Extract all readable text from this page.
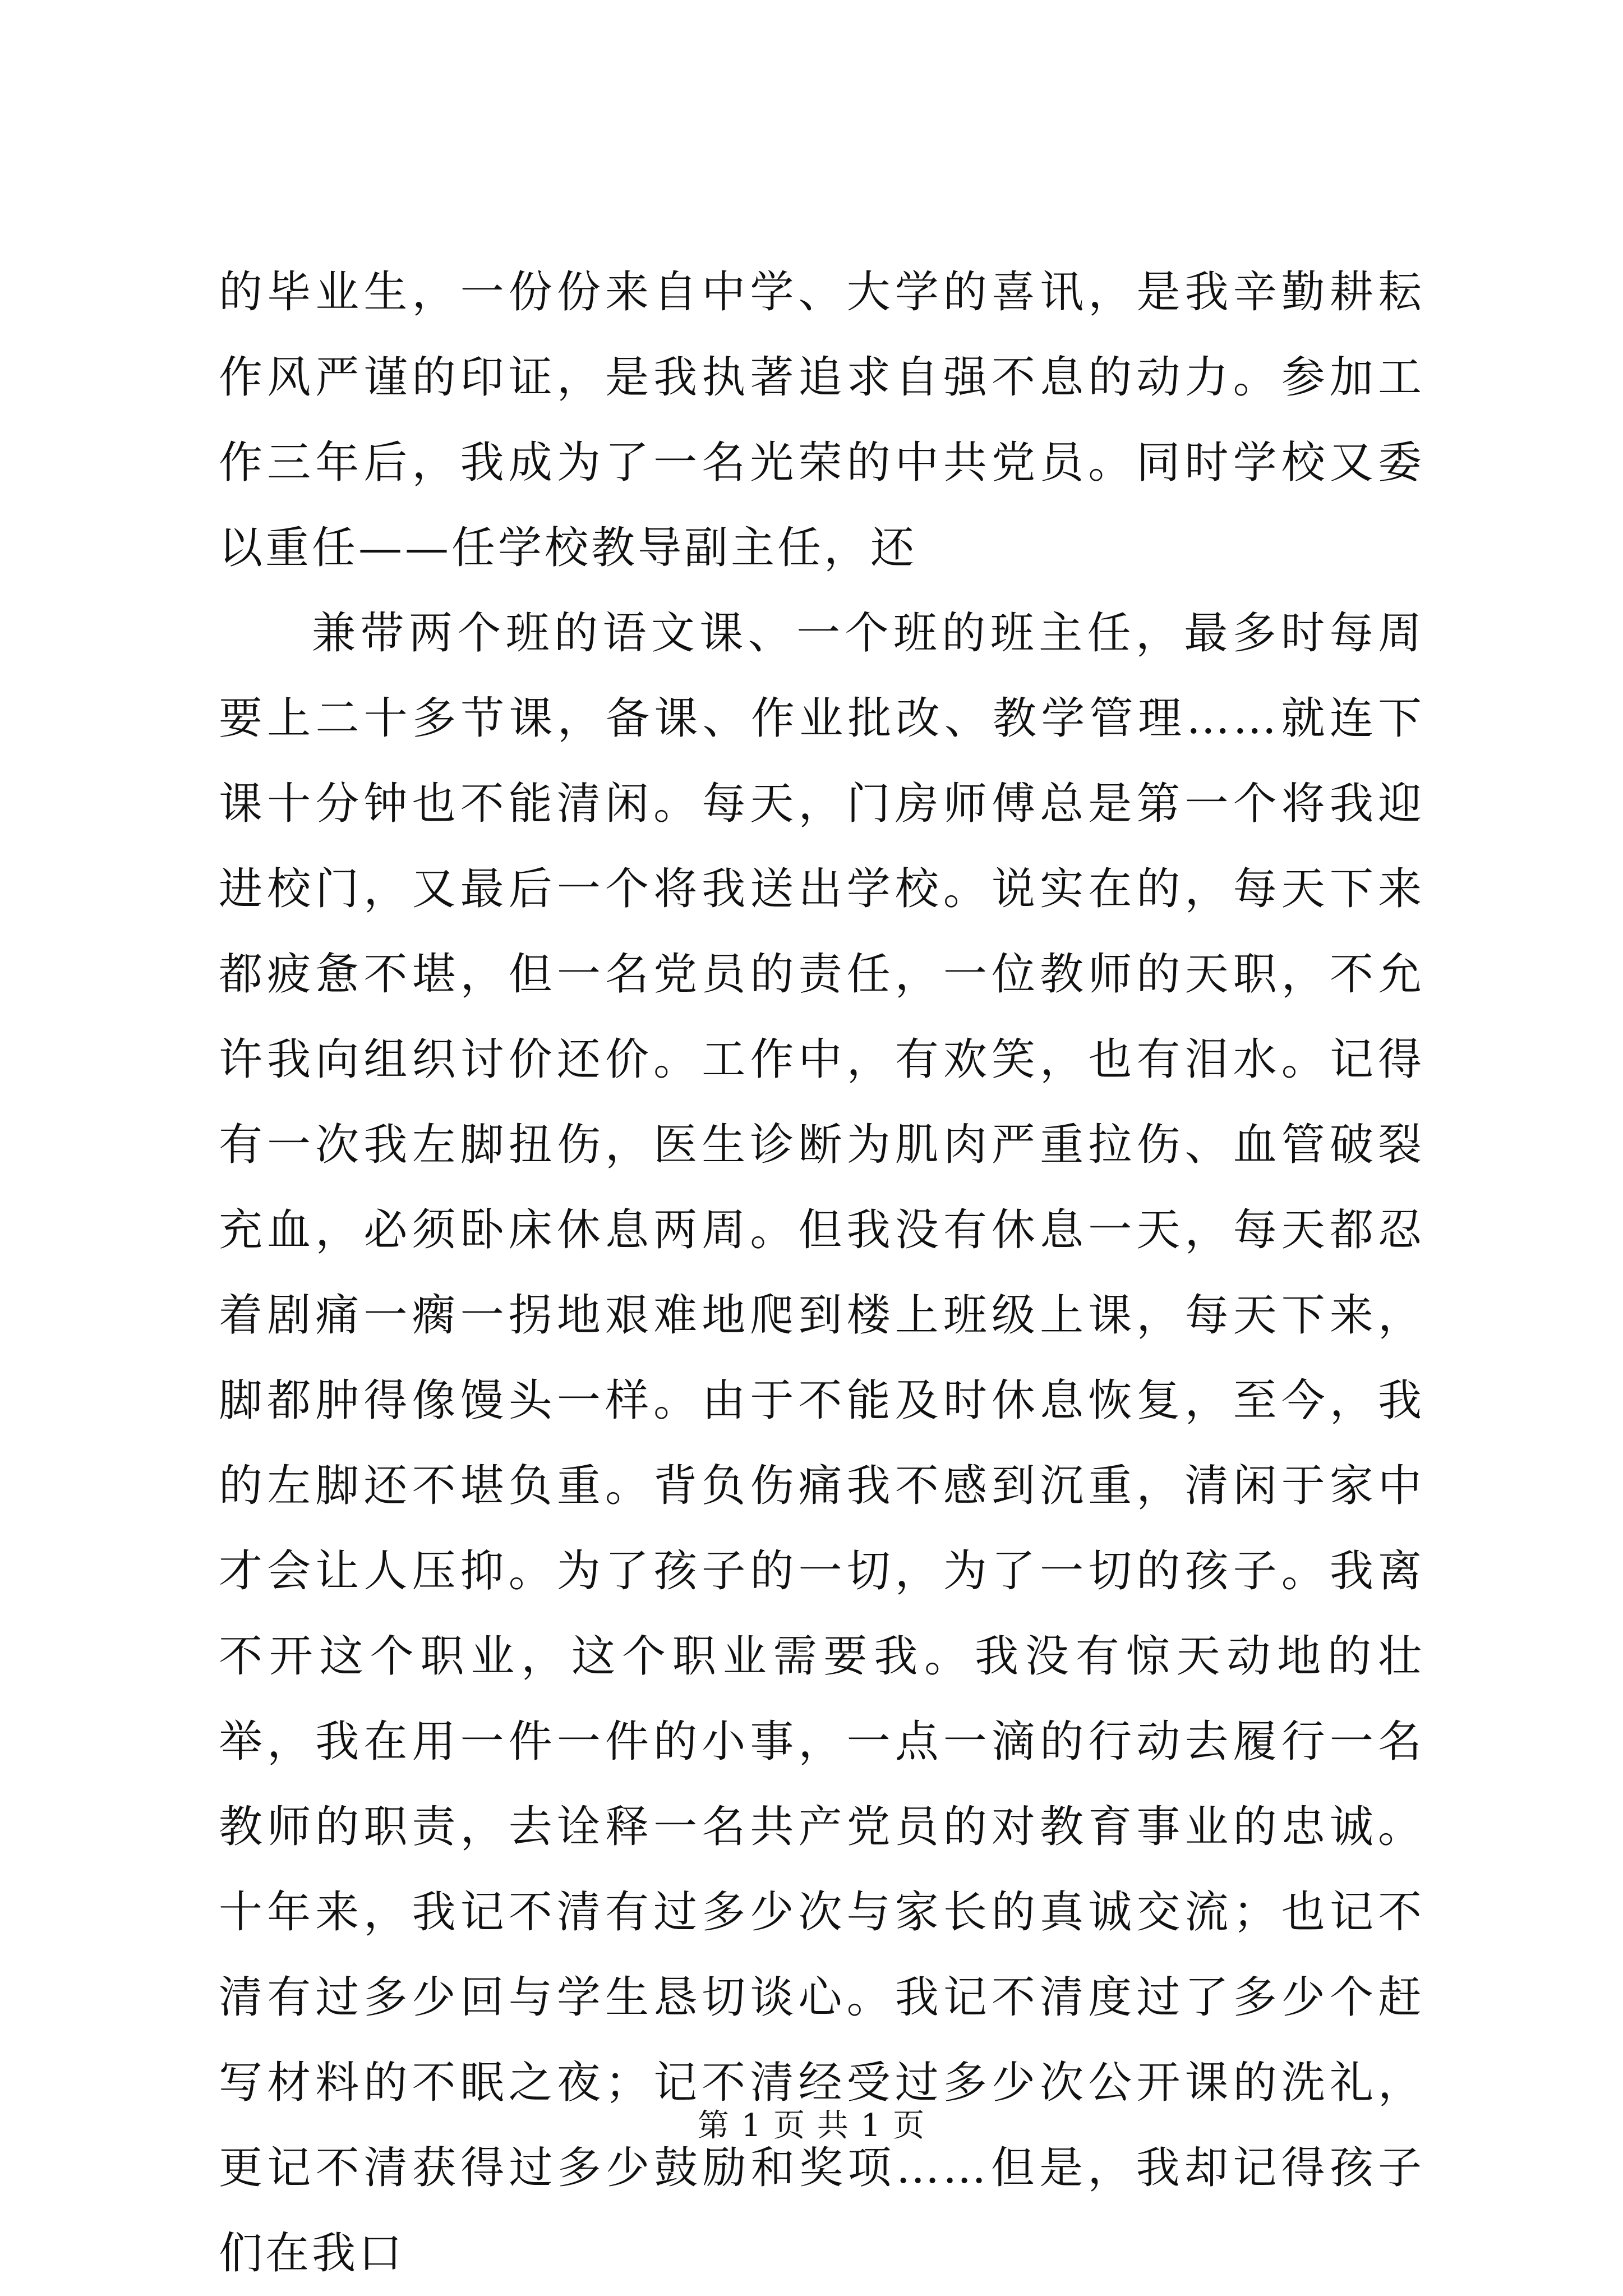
的毕业生，一份份来自中学、大学的喜讯，是我辛勤耕耘作风严谨的印证，是我执著追求自强不息的动力。参加工作三年后，我成为了一名光荣的中共党员。同时学校又委以重任——任学校教导副主任，还

兼带两个班的语文课、一个班的班主任，最多时每周要上二十多节课，备课、作业批改、教学管理……就连下课十分钟也不能清闲。每天，门房师傅总是第一个将我迎进校门，又最后一个将我送出学校。说实在的，每天下来都疲惫不堪，但一名党员的责任，一位教师的天职，不允许我向组织讨价还价。工作中，有欢笑，也有泪水。记得有一次我左脚扭伤，医生诊断为肌肉严重拉伤、血管破裂充血，必须卧床休息两周。但我没有休息一天，每天都忍着剧痛一瘸一拐地艰难地爬到楼上班级上课，每天下来，脚都肿得像馒头一样。由于不能及时休息恢复，至今，我的左脚还不堪负重。背负伤痛我不感到沉重，清闲于家中才会让人压抑。为了孩子的一切，为了一切的孩子。我离不开这个职业，这个职业需要我。我没有惊天动地的壮举，我在用一件一件的小事，一点一滴的行动去履行一名教师的职责，去诠释一名共产党员的对教育事业的忠诚。十年来，我记不清有过多少次与家长的真诚交流；也记不清有过多少回与学生恳切谈心。我记不清度过了多少个赶写材料的不眠之夜；记不清经受过多少次公开课的洗礼，更记不清获得过多少鼓励和奖项……但是，我却记得孩子们在我口

第 1 页 共 1 页
